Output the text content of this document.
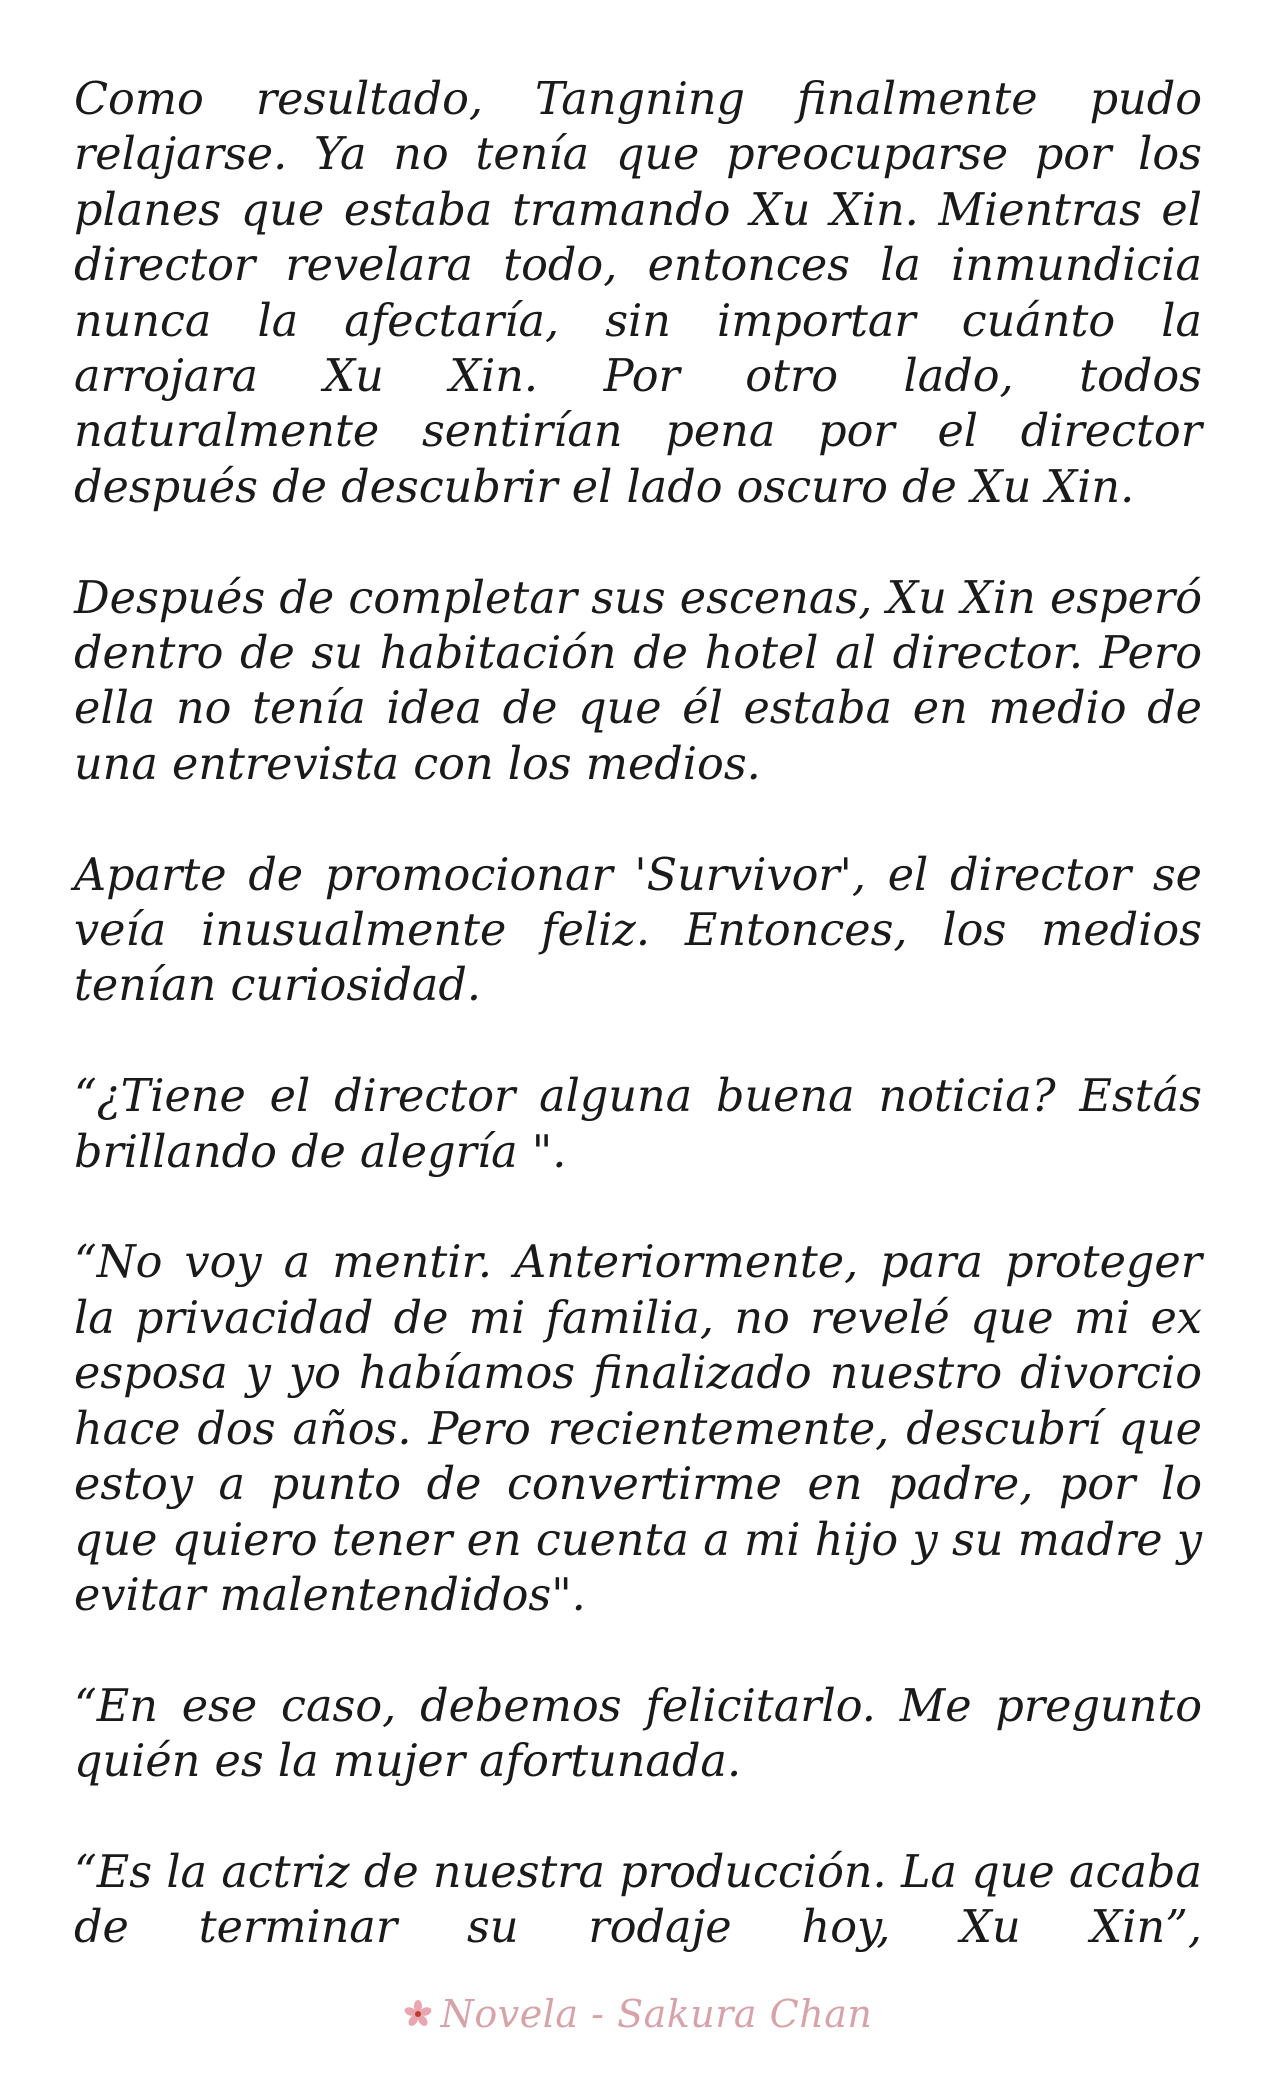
Como resultado, Tangning finalmente pudo relajarse. Ya no tenía que preocuparse por los planes que estaba tramando Xu Xin. Mientras el director revelara todo, entonces la inmundicia nunca la afectaría, sin importar cuánto la arrojara Xu Xin. Por otro lado, todos naturalmente sentirían pena por el director después de descubrir el lado oscuro de Xu Xin.

Después de completar sus escenas, Xu Xin esperó dentro de su habitación de hotel al director. Pero ella no tenía idea de que él estaba en medio de una entrevista con los medios.

Aparte de promocionar 'Survivor', el director se veía inusualmente feliz. Entonces, los medios tenían curiosidad.

“¿Tiene el director alguna buena noticia? Estás brillando de alegría ".

“No voy a mentir. Anteriormente, para proteger la privacidad de mi familia, no revelé que mi ex esposa y yo habíamos finalizado nuestro divorcio hace dos años. Pero recientemente, descubrí que estoy a punto de convertirme en padre, por lo que quiero tener en cuenta a mi hijo y su madre y evitar malentendidos".

“En ese caso, debemos felicitarlo. Me pregunto quién es la mujer afortunada.

“Es la actriz de nuestra producción. La que acaba de terminar su rodaje hoy, Xu Xin”,

Novela - Sakura Chan
